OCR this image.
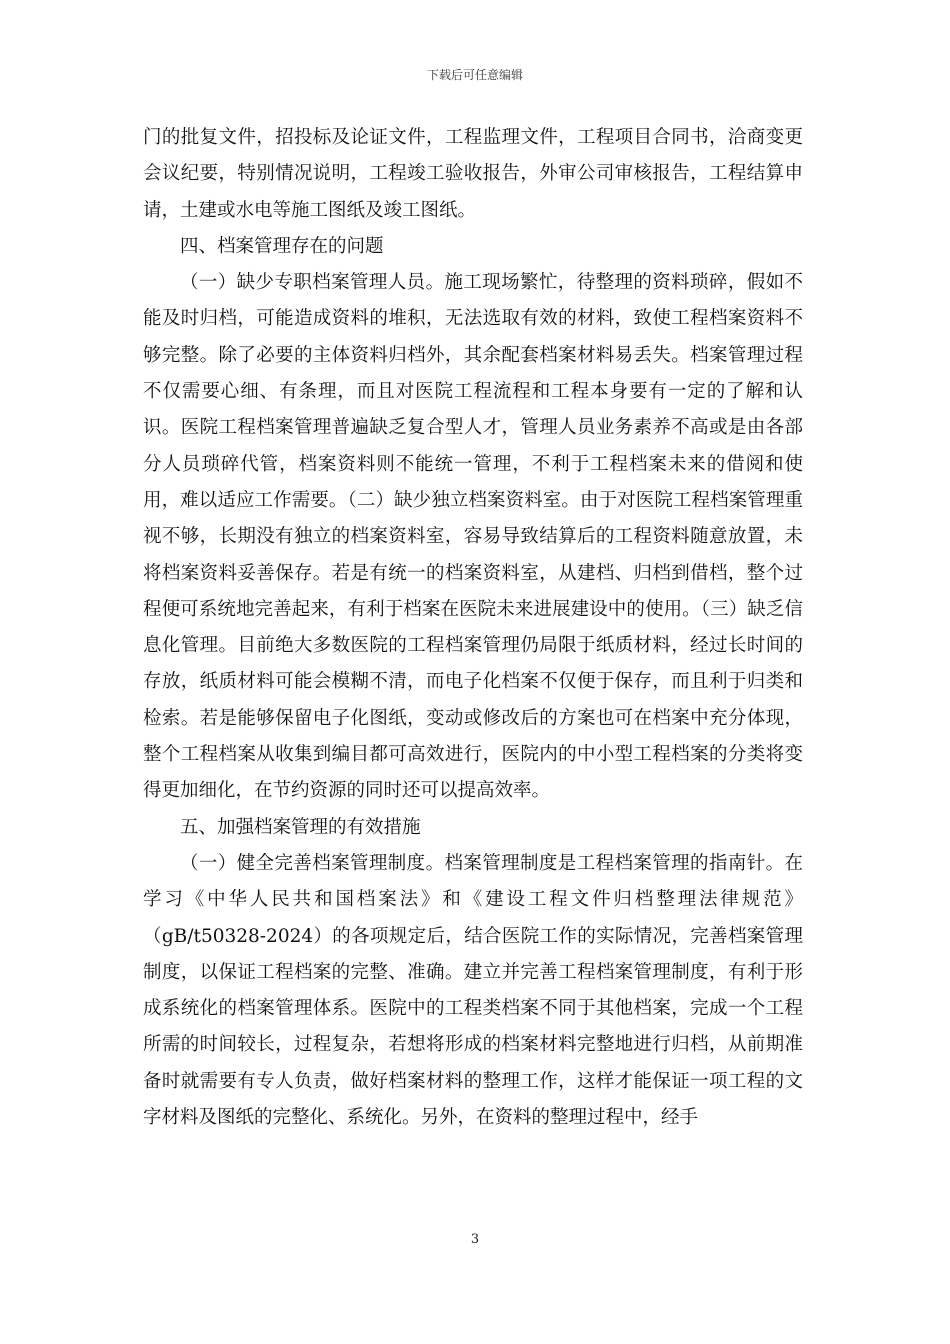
下载后可任意编辑

门的批复文件，招投标及论证文件，工程监理文件，工程项目合同书，洽商变更会议纪要，特别情况说明，工程竣工验收报告，外审公司审核报告，工程结算申请，土建或水电等施工图纸及竣工图纸。

四、档案管理存在的问题

（一）缺少专职档案管理人员。施工现场繁忙，待整理的资料琐碎，假如不能及时归档，可能造成资料的堆积，无法选取有效的材料，致使工程档案资料不够完整。除了必要的主体资料归档外，其余配套档案材料易丢失。档案管理过程不仅需要心细、有条理，而且对医院工程流程和工程本身要有一定的了解和认识。医院工程档案管理普遍缺乏复合型人才，管理人员业务素养不高或是由各部分人员琐碎代管，档案资料则不能统一管理，不利于工程档案未来的借阅和使用，难以适应工作需要。（二）缺少独立档案资料室。由于对医院工程档案管理重视不够，长期没有独立的档案资料室，容易导致结算后的工程资料随意放置，未将档案资料妥善保存。若是有统一的档案资料室，从建档、归档到借档，整个过程便可系统地完善起来，有利于档案在医院未来进展建设中的使用。（三）缺乏信息化管理。目前绝大多数医院的工程档案管理仍局限于纸质材料，经过长时间的存放，纸质材料可能会模糊不清，而电子化档案不仅便于保存，而且利于归类和检索。若是能够保留电子化图纸，变动或修改后的方案也可在档案中充分体现，整个工程档案从收集到编目都可高效进行，医院内的中小型工程档案的分类将变得更加细化，在节约资源的同时还可以提高效率。

五、加强档案管理的有效措施

（一）健全完善档案管理制度。档案管理制度是工程档案管理的指南针。在学习《中华人民共和国档案法》和《建设工程文件归档整理法律规范》（gB/t50328-2024）的各项规定后，结合医院工作的实际情况，完善档案管理制度，以保证工程档案的完整、准确。建立并完善工程档案管理制度，有利于形成系统化的档案管理体系。医院中的工程类档案不同于其他档案，完成一个工程所需的时间较长，过程复杂，若想将形成的档案材料完整地进行归档，从前期准备时就需要有专人负责，做好档案材料的整理工作，这样才能保证一项工程的文字材料及图纸的完整化、系统化。另外，在资料的整理过程中，经手

3
